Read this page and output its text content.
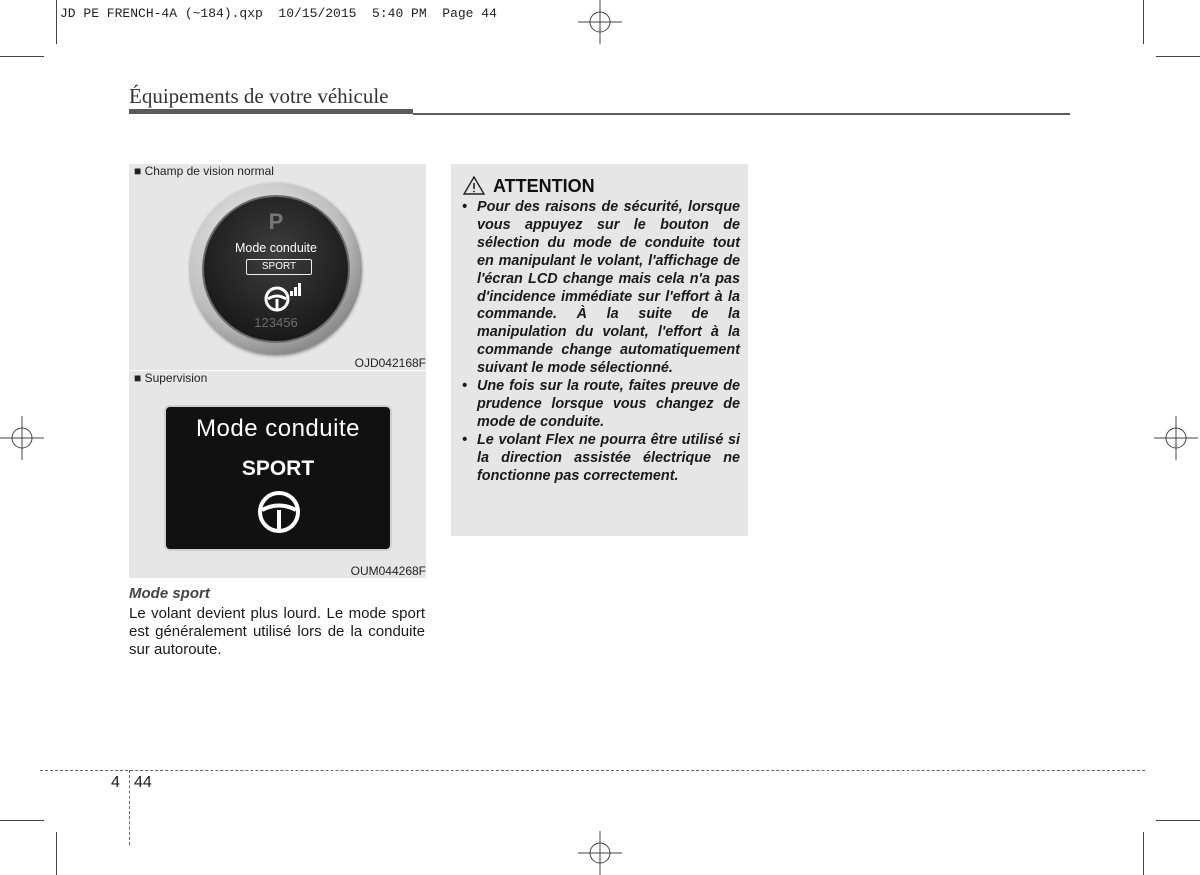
JD PE FRENCH-4A (~184).qxp  10/15/2015  5:40 PM  Page 44
Équipements de votre véhicule
■ Champ de vision normal
P
Mode conduite
SPORT
123456
OJD042168F
■ Supervision
Mode conduite
SPORT
OUM044268F
Mode sport
Le volant devient plus lourd. Le mode sport est généralement utilisé lors de la conduite sur autoroute.
ATTENTION
• Pour des raisons de sécurité, lorsque vous appuyez sur le bouton de sélection du mode de conduite tout en manipulant le volant, l'affichage de l'écran LCD change mais cela n'a pas d'incidence immédiate sur l'effort à la commande. À la suite de la manipulation du volant, l'effort à la commande change automatiquement suivant le mode sélectionné.
• Une fois sur la route, faites preuve de prudence lorsque vous changez de mode de conduite.
• Le volant Flex ne pourra être utilisé si la direction assistée électrique ne fonctionne pas correctement.
4 44
